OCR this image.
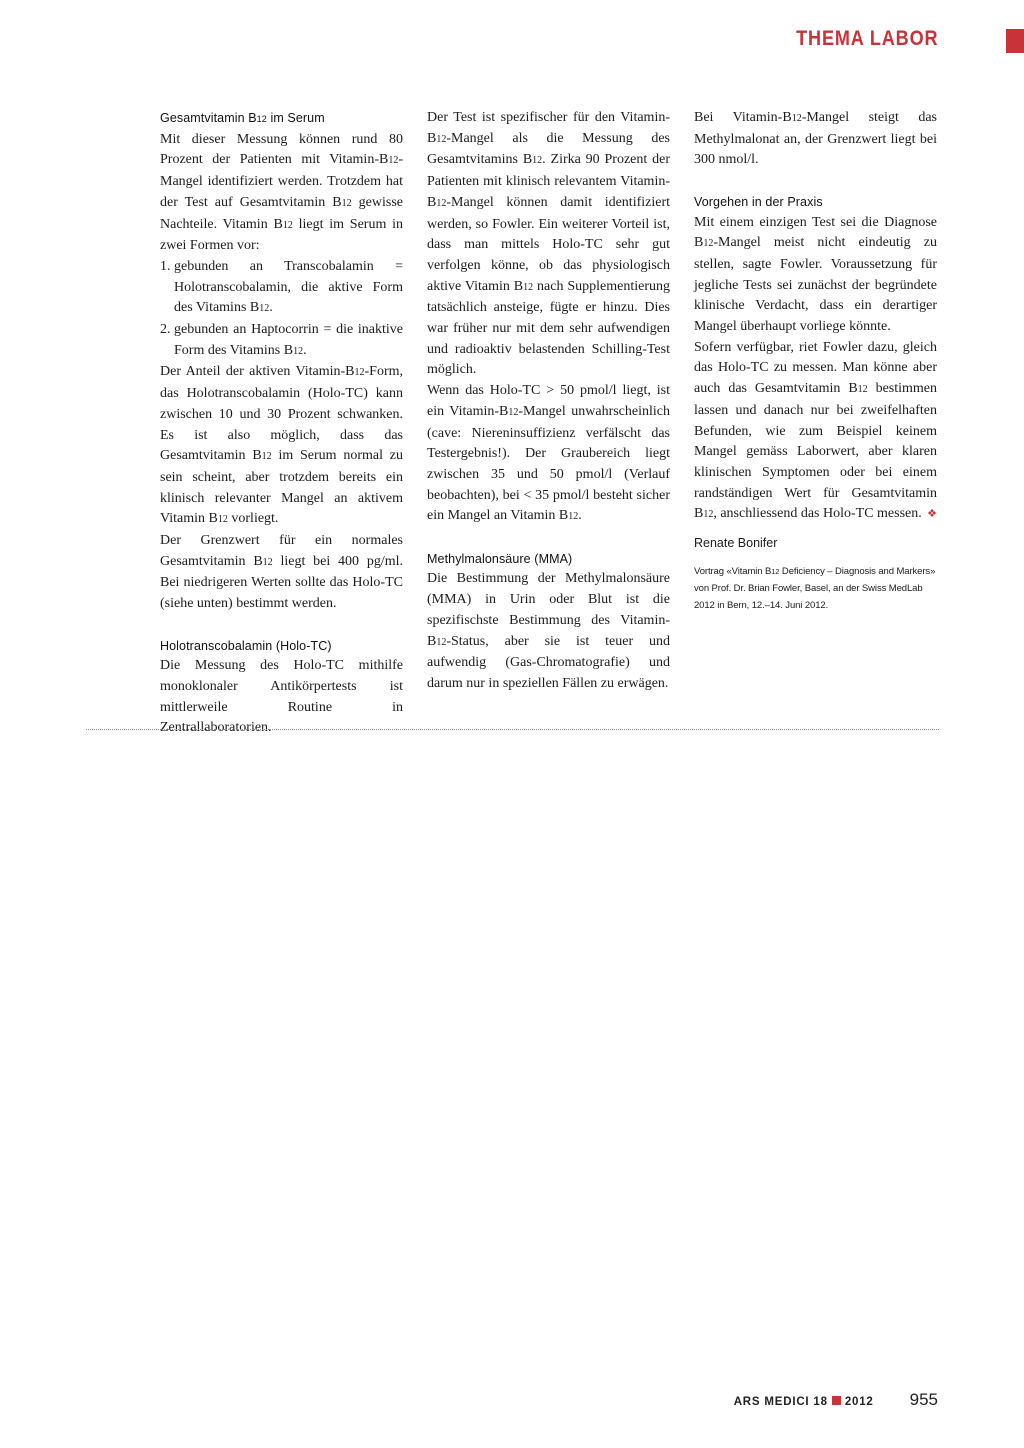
THEMA LABOR
Gesamtvitamin B12 im Serum

Mit dieser Messung können rund 80 Prozent der Patienten mit Vitamin-B12-Mangel identifiziert werden. Trotzdem hat der Test auf Gesamtvitamin B12 gewisse Nachteile. Vitamin B12 liegt im Serum in zwei Formen vor:

1. gebunden an Transcobalamin = Holotranscobalamin, die aktive Form des Vitamins B12.

2. gebunden an Haptocorrin = die inaktive Form des Vitamins B12.

Der Anteil der aktiven Vitamin-B12-Form, das Holotranscobalamin (Holo-TC) kann zwischen 10 und 30 Prozent schwanken. Es ist also möglich, dass das Gesamtvitamin B12 im Serum normal zu sein scheint, aber trotzdem bereits ein klinisch relevanter Mangel an aktivem Vitamin B12 vorliegt.

Der Grenzwert für ein normales Gesamtvitamin B12 liegt bei 400 pg/ml. Bei niedrigeren Werten sollte das Holo-TC (siehe unten) bestimmt werden.

Holotranscobalamin (Holo-TC)

Die Messung des Holo-TC mithilfe monoklonaler Antikörpertests ist mittlerweile Routine in Zentrallaboratorien.

Der Test ist spezifischer für den Vitamin-B12-Mangel als die Messung des Gesamtvitamins B12. Zirka 90 Prozent der Patienten mit klinisch relevantem Vitamin-B12-Mangel können damit identifiziert werden, so Fowler. Ein weiterer Vorteil ist, dass man mittels Holo-TC sehr gut verfolgen könne, ob das physiologisch aktive Vitamin B12 nach Supplementierung tatsächlich ansteige, fügte er hinzu. Dies war früher nur mit dem sehr aufwendigen und radioaktiv belastenden Schilling-Test möglich.

Wenn das Holo-TC > 50 pmol/l liegt, ist ein Vitamin-B12-Mangel unwahrscheinlich (cave: Niereninsuffizienz verfälscht das Testergebnis!). Der Graubereich liegt zwischen 35 und 50 pmol/l (Verlauf beobachten), bei < 35 pmol/l besteht sicher ein Mangel an Vitamin B12.

Methylmalonsäure (MMA)

Die Bestimmung der Methylmalonsäure (MMA) in Urin oder Blut ist die spezifischste Bestimmung des Vitamin-B12-Status, aber sie ist teuer und aufwendig (Gas-Chromatografie) und darum nur in speziellen Fällen zu erwägen.

Bei Vitamin-B12-Mangel steigt das Methylmalonat an, der Grenzwert liegt bei 300 nmol/l.

Vorgehen in der Praxis

Mit einem einzigen Test sei die Diagnose B12-Mangel meist nicht eindeutig zu stellen, sagte Fowler. Voraussetzung für jegliche Tests sei zunächst der begründete klinische Verdacht, dass ein derartiger Mangel überhaupt vorliege könnte.

Sofern verfügbar, riet Fowler dazu, gleich das Holo-TC zu messen. Man könne aber auch das Gesamtvitamin B12 bestimmen lassen und danach nur bei zweifelhaften Befunden, wie zum Beispiel keinem Mangel gemäss Laborwert, aber klaren klinischen Symptomen oder bei einem randständigen Wert für Gesamtvitamin B12, anschliessend das Holo-TC messen. ❖

Renate Bonifer
Vortrag «Vitamin B12 Deficiency – Diagnosis and Markers» von Prof. Dr. Brian Fowler, Basel, an der Swiss MedLab 2012 in Bern, 12.–14. Juni 2012.
ARS MEDICI 18 2012 955
